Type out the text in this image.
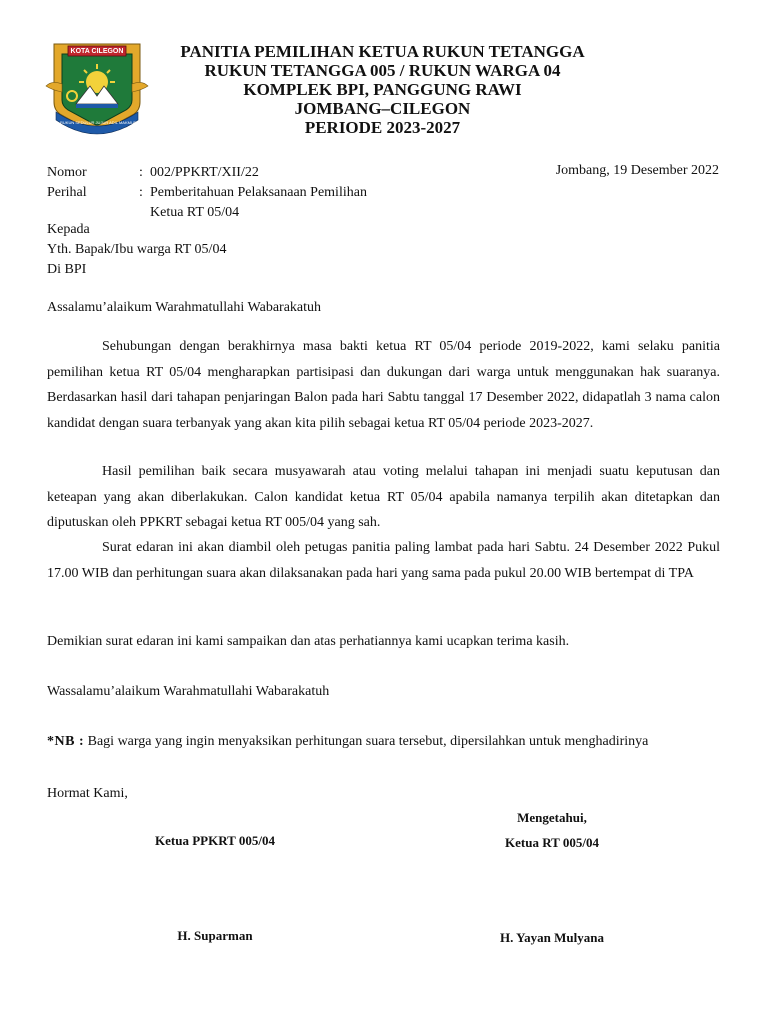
KOTA CILEGON
RUKUN SEDULUR JUJUR ADIL MAKMUR
PANITIA PEMILIHAN KETUA RUKUN TETANGGA
RUKUN TETANGGA 005 / RUKUN WARGA 04
KOMPLEK BPI, PANGGUNG RAWI
JOMBANG–CILEGON
PERIODE 2023-2027
Nomor	: 002/PPKRT/XII/22
Perihal	: Pemberitahuan Pelaksanaan Pemilihan
Ketua RT 05/04
Jombang, 19 Desember 2022
Kepada
Yth. Bapak/Ibu warga RT 05/04
Di BPI
Assalamu’alaikum Warahmatullahi Wabarakatuh
Sehubungan dengan berakhirnya masa bakti ketua RT 05/04 periode 2019-2022, kami selaku panitia pemilihan ketua RT 05/04 mengharapkan partisipasi dan dukungan dari warga untuk menggunakan hak suaranya. Berdasarkan hasil dari tahapan penjaringan Balon pada hari Sabtu tanggal 17 Desember 2022, didapatlah 3 nama calon kandidat dengan suara terbanyak yang akan kita pilih sebagai ketua RT 05/04 periode 2023-2027.
Hasil pemilihan baik secara musyawarah atau voting melalui tahapan ini menjadi suatu keputusan dan keteapan yang akan diberlakukan. Calon kandidat ketua RT 05/04 apabila namanya terpilih akan ditetapkan dan diputuskan oleh PPKRT sebagai ketua RT 005/04 yang sah.
Surat edaran ini akan diambil oleh petugas panitia paling lambat pada hari Sabtu. 24 Desember 2022 Pukul 17.00 WIB dan perhitungan suara akan dilaksanakan pada hari yang sama pada pukul 20.00 WIB bertempat di TPA
Demikian surat edaran ini kami sampaikan dan atas perhatiannya kami ucapkan terima kasih.
Wassalamu’alaikum Warahmatullahi Wabarakatuh
*NB : Bagi warga yang ingin menyaksikan perhitungan suara tersebut, dipersilahkan untuk menghadirinya
Hormat Kami,
Mengetahui,
Ketua PPKRT 005/04	Ketua RT 005/04
H. Suparman	H. Yayan Mulyana
